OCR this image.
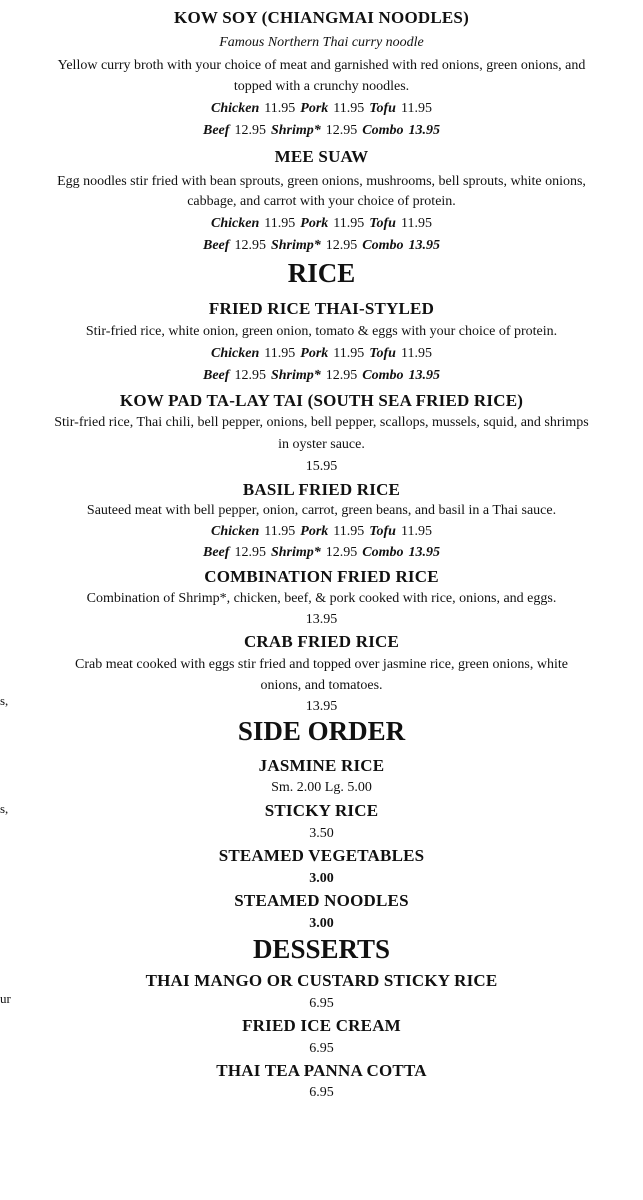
KOW SOY (CHIANGMAI NOODLES)
Famous Northern Thai curry noodle
Yellow curry broth with your choice of meat and garnished with red onions, green onions, and
topped with a crunchy noodles.
Chicken 11.95 Pork 11.95 Tofu 11.95
Beef 12.95 Shrimp* 12.95 Combo 13.95
MEE SUAW
Egg noodles stir fried with bean sprouts, green onions, mushrooms, bell sprouts, white onions,
cabbage, and carrot with your choice of protein.
Chicken 11.95 Pork 11.95 Tofu 11.95
Beef 12.95 Shrimp* 12.95 Combo 13.95
RICE
FRIED RICE THAI-STYLED
Stir-fried rice, white onion, green onion, tomato & eggs with your choice of protein.
Chicken 11.95 Pork 11.95 Tofu 11.95
Beef 12.95 Shrimp* 12.95 Combo 13.95
KOW PAD TA-LAY TAI (SOUTH SEA FRIED RICE)
Stir-fried rice, Thai chili, bell pepper, onions, bell pepper, scallops, mussels, squid, and shrimps
in oyster sauce.
15.95
BASIL FRIED RICE
Sauteed meat with bell pepper, onion, carrot, green beans, and basil in a Thai sauce.
Chicken 11.95 Pork 11.95 Tofu 11.95
Beef 12.95 Shrimp* 12.95 Combo 13.95
COMBINATION FRIED RICE
Combination of Shrimp*, chicken, beef, & pork cooked with rice, onions, and eggs.
13.95
CRAB FRIED RICE
Crab meat cooked with eggs stir fried and topped over jasmine rice, green onions, white
onions, and tomatoes.
13.95
SIDE ORDER
JASMINE RICE
Sm. 2.00 Lg. 5.00
STICKY RICE
3.50
STEAMED VEGETABLES
3.00
STEAMED NOODLES
3.00
DESSERTS
THAI MANGO OR CUSTARD STICKY RICE
6.95
FRIED ICE CREAM
6.95
THAI TEA PANNA COTTA
6.95
s,
s,
ur
